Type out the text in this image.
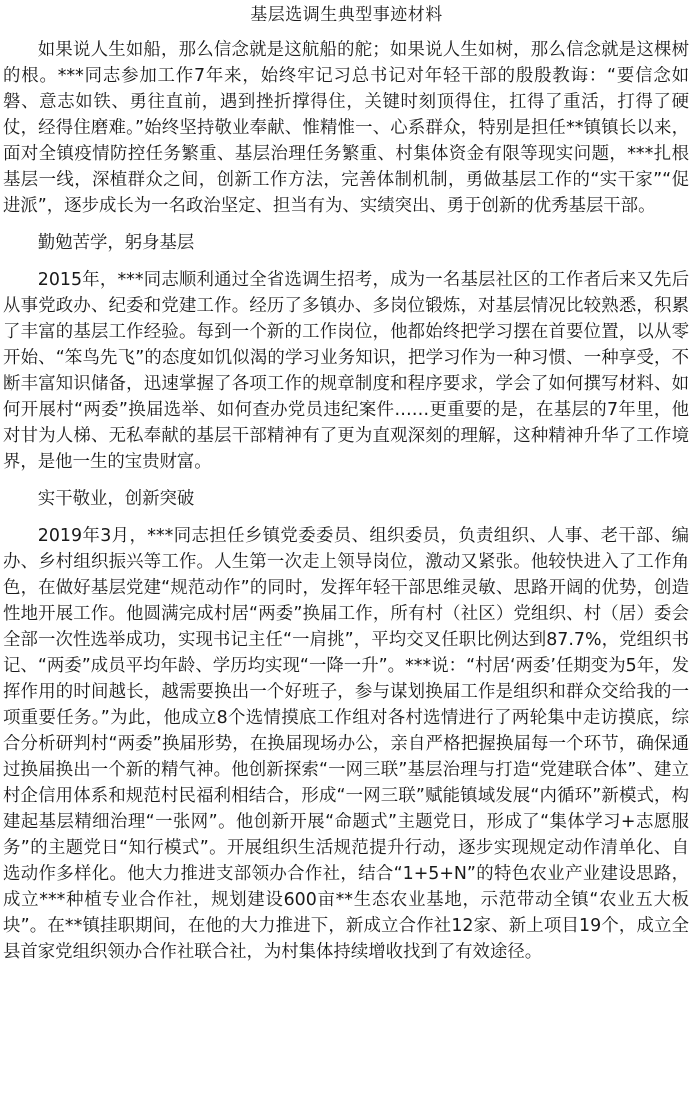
基层选调生典型事迹材料

如果说人生如船，那么信念就是这航船的舵；如果说人生如树，那么信念就是这棵树的根。***同志参加工作7年来，始终牢记习总书记对年轻干部的殷殷教诲：“要信念如磐、意志如铁、勇往直前，遇到挫折撑得住，关键时刻顶得住，扛得了重活，打得了硬仗，经得住磨难。”始终坚持敬业奉献、惟精惟一、心系群众，特别是担任**镇镇长以来，面对全镇疫情防控任务繁重、基层治理任务繁重、村集体资金有限等现实问题，***扎根基层一线，深植群众之间，创新工作方法，完善体制机制，勇做基层工作的“实干家”“促进派”，逐步成长为一名政治坚定、担当有为、实绩突出、勇于创新的优秀基层干部。

勤勉苦学，躬身基层

2015年，***同志顺利通过全省选调生招考，成为一名基层社区的工作者后来又先后从事党政办、纪委和党建工作。经历了多镇办、多岗位锻炼，对基层情况比较熟悉，积累了丰富的基层工作经验。每到一个新的工作岗位，他都始终把学习摆在首要位置，以从零开始、“笨鸟先飞”的态度如饥似渴的学习业务知识，把学习作为一种习惯、一种享受，不断丰富知识储备，迅速掌握了各项工作的规章制度和程序要求，学会了如何撰写材料、如何开展村“两委”换届选举、如何查办党员违纪案件……更重要的是，在基层的7年里，他对甘为人梯、无私奉献的基层干部精神有了更为直观深刻的理解，这种精神升华了工作境界，是他一生的宝贵财富。

实干敬业，创新突破

2019年3月，***同志担任乡镇党委委员、组织委员，负责组织、人事、老干部、编办、乡村组织振兴等工作。人生第一次走上领导岗位，激动又紧张。他较快进入了工作角色，在做好基层党建“规范动作”的同时，发挥年轻干部思维灵敏、思路开阔的优势，创造性地开展工作。他圆满完成村居“两委”换届工作，所有村（社区）党组织、村（居）委会全部一次性选举成功，实现书记主任“一肩挑”，平均交叉任职比例达到87.7%，党组织书记、“两委”成员平均年龄、学历均实现“一降一升”。***说：“村居‘两委’任期变为5年，发挥作用的时间越长，越需要换出一个好班子，参与谋划换届工作是组织和群众交给我的一项重要任务。”为此，他成立8个选情摸底工作组对各村选情进行了两轮集中走访摸底，综合分析研判村“两委”换届形势，在换届现场办公，亲自严格把握换届每一个环节，确保通过换届换出一个新的精气神。他创新探索“一网三联”基层治理与打造“党建联合体”、建立村企信用体系和规范村民福利相结合，形成“一网三联”赋能镇域发展“内循环”新模式，构建起基层精细治理“一张网”。他创新开展“命题式”主题党日，形成了“集体学习+志愿服务”的主题党日“知行模式”。开展组织生活规范提升行动，逐步实现规定动作清单化、自选动作多样化。他大力推进支部领办合作社，结合“1+5+N”的特色农业产业建设思路，成立***种植专业合作社，规划建设600亩**生态农业基地，示范带动全镇“农业五大板块”。在**镇挂职期间，在他的大力推进下，新成立合作社12家、新上项目19个，成立全县首家党组织领办合作社联合社，为村集体持续增收找到了有效途径。
